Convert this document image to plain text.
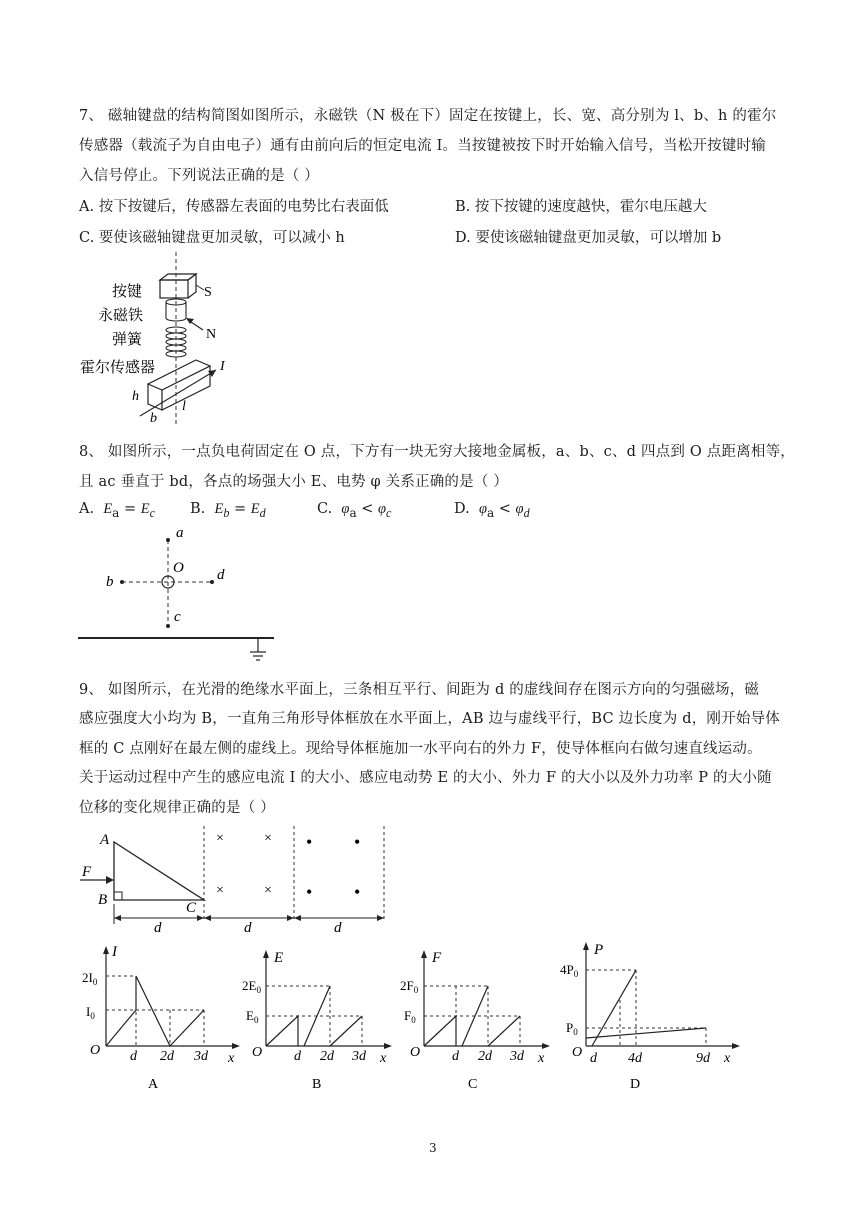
7、 磁轴键盘的结构简图如图所示，永磁铁（N 极在下）固定在按键上，长、宽、高分别为 l、b、h 的霍尔
传感器（载流子为自由电子）通有由前向后的恒定电流 I。当按键被按下时开始输入信号，当松开按键时输
入信号停止。下列说法正确的是（ ）
A. 按下按键后，传感器左表面的电势比右表面低	B. 按下按键的速度越快，霍尔电压越大
C. 要使该磁轴键盘更加灵敏，可以减小 h	D. 要使该磁轴键盘更加灵敏，可以增加 b
S
N
I
h
b
l
按键
永磁铁
弹簧
霍尔传感器
8、 如图所示，一点负电荷固定在 O 点，下方有一块无穷大接地金属板，a、b、c、d 四点到 O 点距离相等，
且 ac 垂直于 bd，各点的场强大小 E、电势 φ 关系正确的是（ ）
A. $E_a = E_c$ B. $E_b = E_d$	C. $\varphi_a < \varphi_c$	D. $\varphi_a < \varphi_d$
a
O
b	d
c
9、 如图所示，在光滑的绝缘水平面上，三条相互平行、间距为 d 的虚线间存在图示方向的匀强磁场，磁
感应强度大小均为 B，一直角三角形导体框放在水平面上，AB 边与虚线平行，BC 边长度为 d，刚开始导体
框的 C 点刚好在最左侧的虚线上。现给导体框施加一水平向右的外力 F，使导体框向右做匀速直线运动。
关于运动过程中产生的感应电流 I 的大小、感应电动势 E 的大小、外力 F 的大小以及外力功率 P 的大小随
位移的变化规律正确的是（ ）
×	×
×	×
• •
• •
A
B	C
F
d	d	d
I
$2I_0$
$I_0$
O d 2d 3d x
A
E
$2E_0$
$E_0$
O d 2d 3d x
B
F
$2F_0$
$F_0$
O d 2d 3d x
C
P
$4P_0$
$P_0$
O d 4d	9d x
D
3
